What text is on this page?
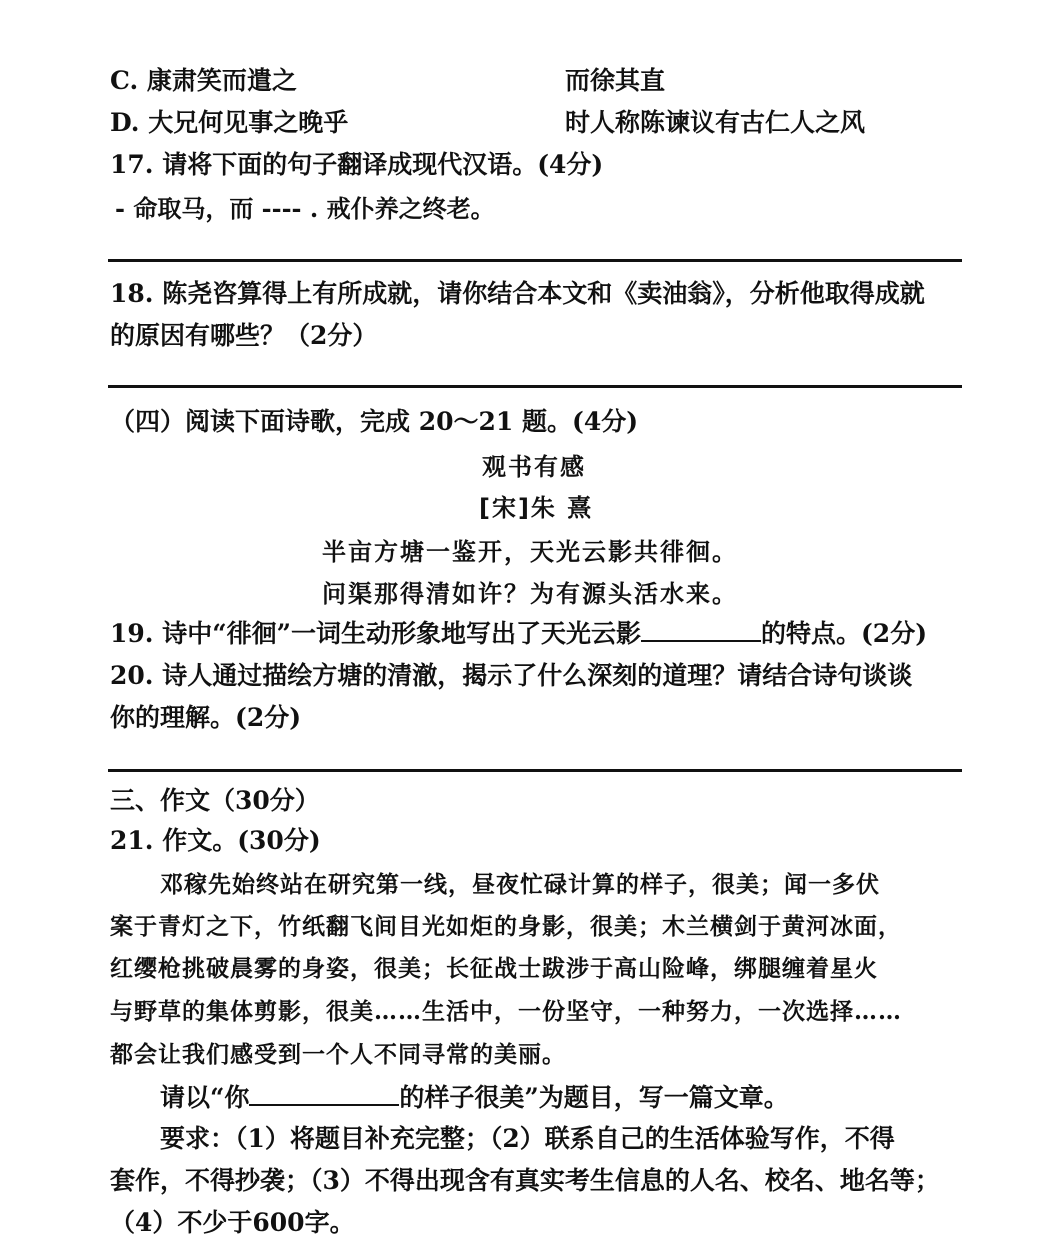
C. 康肃笑而遣之	而徐其直
D. 大兄何见事之晚乎	时人称陈谏议有古仁人之风
17. 请将下面的句子翻译成现代汉语。(4分)
- 命取马，而 ---- . 戒仆养之终老。
18. 陈尧咨算得上有所成就，请你结合本文和《卖油翁》，分析他取得成就
的原因有哪些？（2分）
（四）阅读下面诗歌，完成 20～21 题。(4分)
观书有感
[宋]朱 熹
半亩方塘一鉴开，天光云影共徘徊。
问渠那得清如许？为有源头活水来。
19. 诗中“徘徊”一词生动形象地写出了天光云影	的特点。(2分)
20. 诗人通过描绘方塘的清澈，揭示了什么深刻的道理？请结合诗句谈谈
你的理解。(2分)
三、作文（30分）
21. 作文。(30分)
邓稼先始终站在研究第一线，昼夜忙碌计算的样子，很美；闻一多伏
案于青灯之下，竹纸翻飞间目光如炬的身影，很美；木兰横剑于黄河冰面，
红缨枪挑破晨雾的身姿，很美；长征战士跋涉于高山险峰，绑腿缠着星火
与野草的集体剪影，很美……生活中，一份坚守，一种努力，一次选择……
都会让我们感受到一个人不同寻常的美丽。
请以“你	的样子很美”为题目，写一篇文章。
要求：（1）将题目补充完整；（2）联系自己的生活体验写作，不得
套作，不得抄袭；（3）不得出现含有真实考生信息的人名、校名、地名等；
（4）不少于600字。
